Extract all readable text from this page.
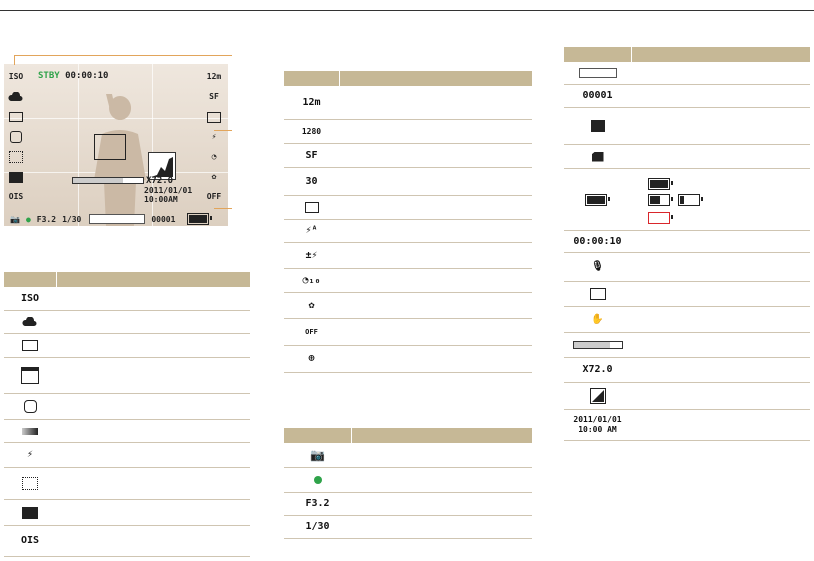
STBY 00:00:10
ISO
OIS
12m
SF
⚡
◔
✿
OFF
X72.0
2011/01/01
10:00AM
📷 ● F3.2 1/30	00001
ISO
⚡
OIS
12m
1280
SF
30
⚡ᴬ
±⚡
◔₁₀
✿
OFF
⊕
📷
F3.2
1/30
00001

00:00:10
🎙
✋
X72.0
2011/01/01
10:00 AM
